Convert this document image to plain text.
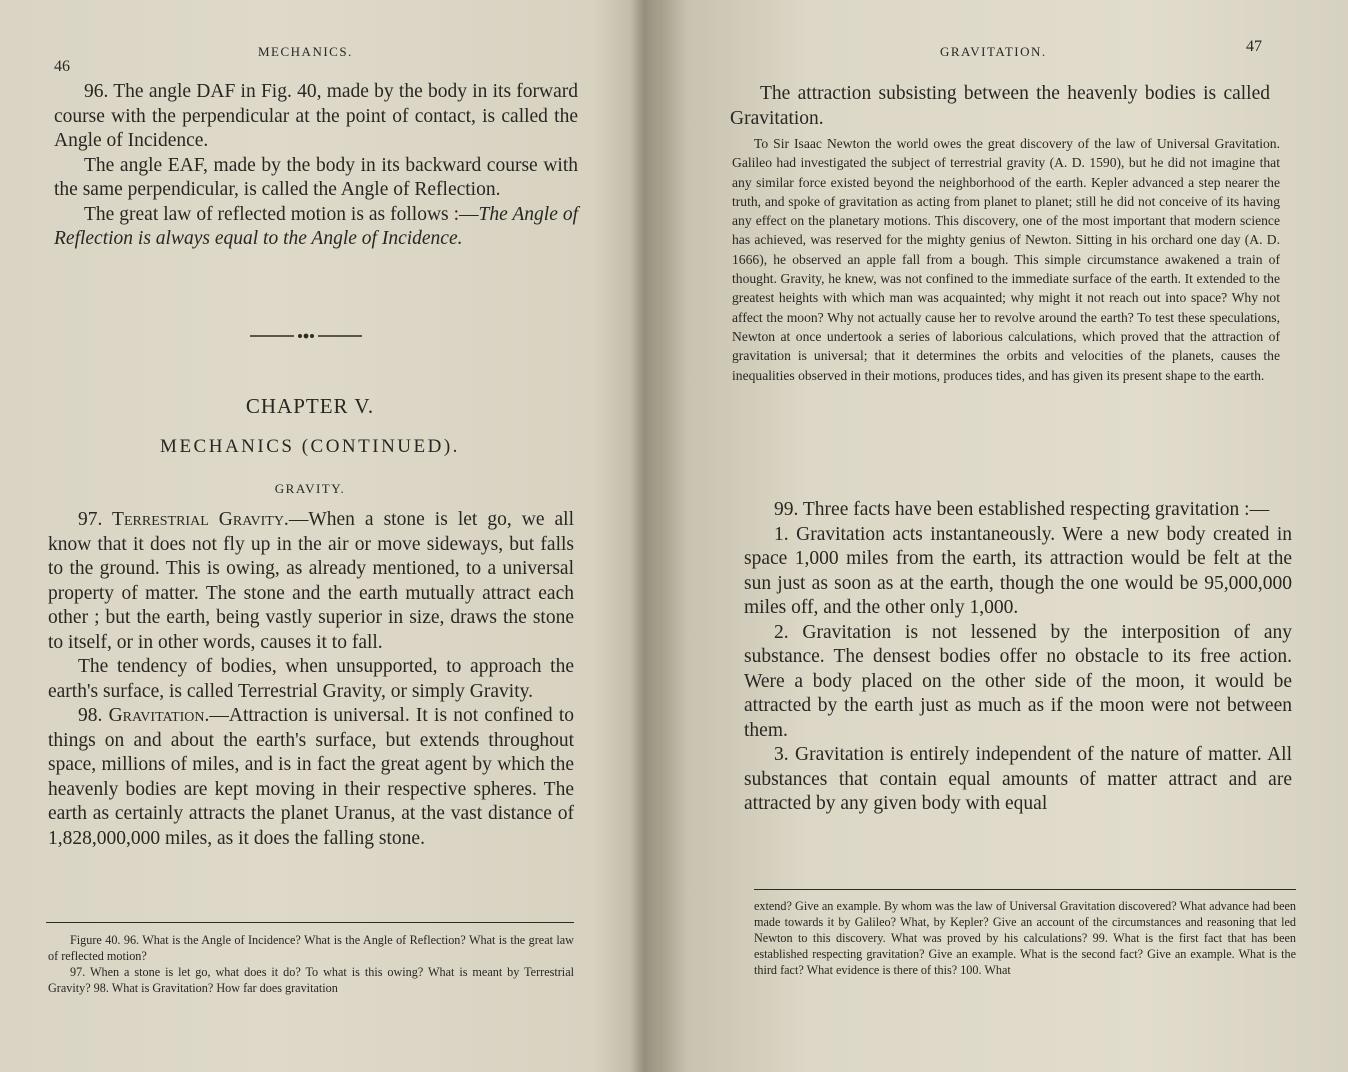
46
MECHANICS.

96. The angle DAF in Fig. 40, made by the body in its forward course with the perpendicular at the point of contact, is called the Angle of Incidence.

The angle EAF, made by the body in its backward course with the same perpendicular, is called the Angle of Reflection.

The great law of reflected motion is as follows :—The Angle of Reflection is always equal to the Angle of Incidence.

CHAPTER V.
MECHANICS (CONTINUED).
GRAVITY.

97. Terrestrial Gravity.—When a stone is let go, we all know that it does not fly up in the air or move sideways, but falls to the ground. This is owing, as already mentioned, to a universal property of matter. The stone and the earth mutually attract each other ; but the earth, being vastly superior in size, draws the stone to itself, or in other words, causes it to fall.

The tendency of bodies, when unsupported, to approach the earth's surface, is called Terrestrial Gravity, or simply Gravity.

98. Gravitation.—Attraction is universal. It is not confined to things on and about the earth's surface, but extends throughout space, millions of miles, and is in fact the great agent by which the heavenly bodies are kept moving in their respective spheres. The earth as certainly attracts the planet Uranus, at the vast distance of 1,828,000,000 miles, as it does the falling stone.

Figure 40. 96. What is the Angle of Incidence? What is the Angle of Reflection? What is the great law of reflected motion?

97. When a stone is let go, what does it do? To what is this owing? What is meant by Terrestrial Gravity? 98. What is Gravitation? How far does gravitation

GRAVITATION.	47

The attraction subsisting between the heavenly bodies is called Gravitation.

To Sir Isaac Newton the world owes the great discovery of the law of Universal Gravitation. Galileo had investigated the subject of terrestrial gravity (A. D. 1590), but he did not imagine that any similar force existed beyond the neighborhood of the earth. Kepler advanced a step nearer the truth, and spoke of gravitation as acting from planet to planet; still he did not conceive of its having any effect on the planetary motions. This discovery, one of the most important that modern science has achieved, was reserved for the mighty genius of Newton. Sitting in his orchard one day (A. D. 1666), he observed an apple fall from a bough. This simple circumstance awakened a train of thought. Gravity, he knew, was not confined to the immediate surface of the earth. It extended to the greatest heights with which man was acquainted; why might it not reach out into space? Why not affect the moon? Why not actually cause her to revolve around the earth? To test these speculations, Newton at once undertook a series of laborious calculations, which proved that the attraction of gravitation is universal; that it determines the orbits and velocities of the planets, causes the inequalities observed in their motions, produces tides, and has given its present shape to the earth.

99. Three facts have been established respecting gravitation :—

1. Gravitation acts instantaneously. Were a new body created in space 1,000 miles from the earth, its attraction would be felt at the sun just as soon as at the earth, though the one would be 95,000,000 miles off, and the other only 1,000.

2. Gravitation is not lessened by the interposition of any substance. The densest bodies offer no obstacle to its free action. Were a body placed on the other side of the moon, it would be attracted by the earth just as much as if the moon were not between them.

3. Gravitation is entirely independent of the nature of matter. All substances that contain equal amounts of matter attract and are attracted by any given body with equal

extend? Give an example. By whom was the law of Universal Gravitation discovered? What advance had been made towards it by Galileo? What, by Kepler? Give an account of the circumstances and reasoning that led Newton to this discovery. What was proved by his calculations? 99. What is the first fact that has been established respecting gravitation? Give an example. What is the second fact? Give an example. What is the third fact? What evidence is there of this? 100. What
